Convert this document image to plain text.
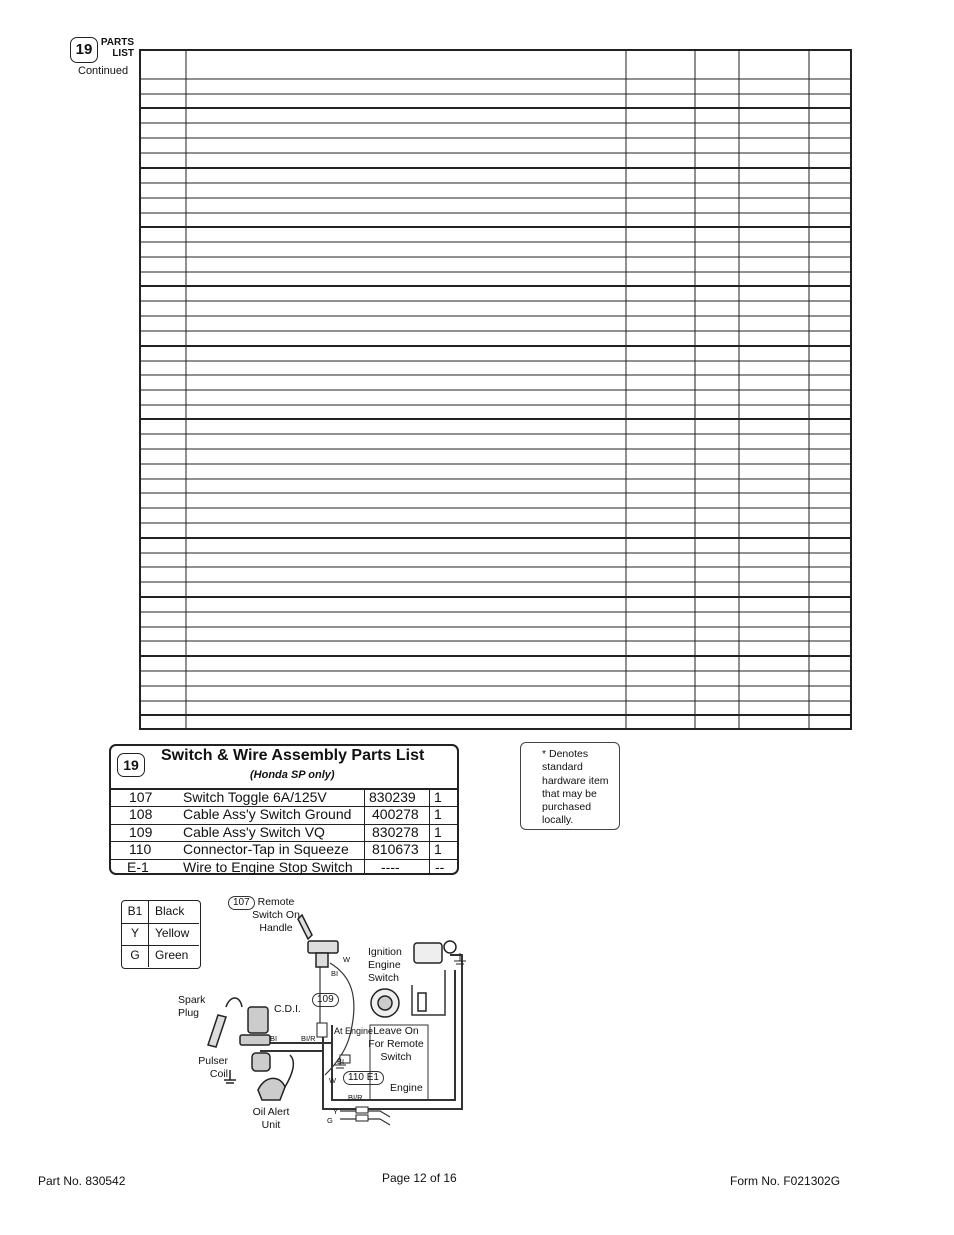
19 PARTS
LIST
Continued
19
Switch & Wire Assembly Parts List
(Honda SP only)
107 Switch Toggle 6A/125V	830239 1
108 Cable Ass'y Switch Ground 400278 1
109 Cable Ass'y Switch VQ	830278 1
110 Connector-Tap in Squeeze 810673 1
E-1 Wire to Engine Stop Switch ----	--
* Denotes
standard
hardware item
that may be
purchased
locally.
B1	Black
Y	Yellow
G	Green
107 Remote
Switch On
Handle
Ignition
Engine
Switch
109
Spark
Plug	C.D.I.
At Engine Leave On
For Remote
Switch
Pulser
Coil	110 E1
Engine
Oil Alert
Unit
W
BI
BI	BI/R
BI
W
BI/R
Y
G
Part No. 830542	Page 12 of 16	Form No. F021302G
